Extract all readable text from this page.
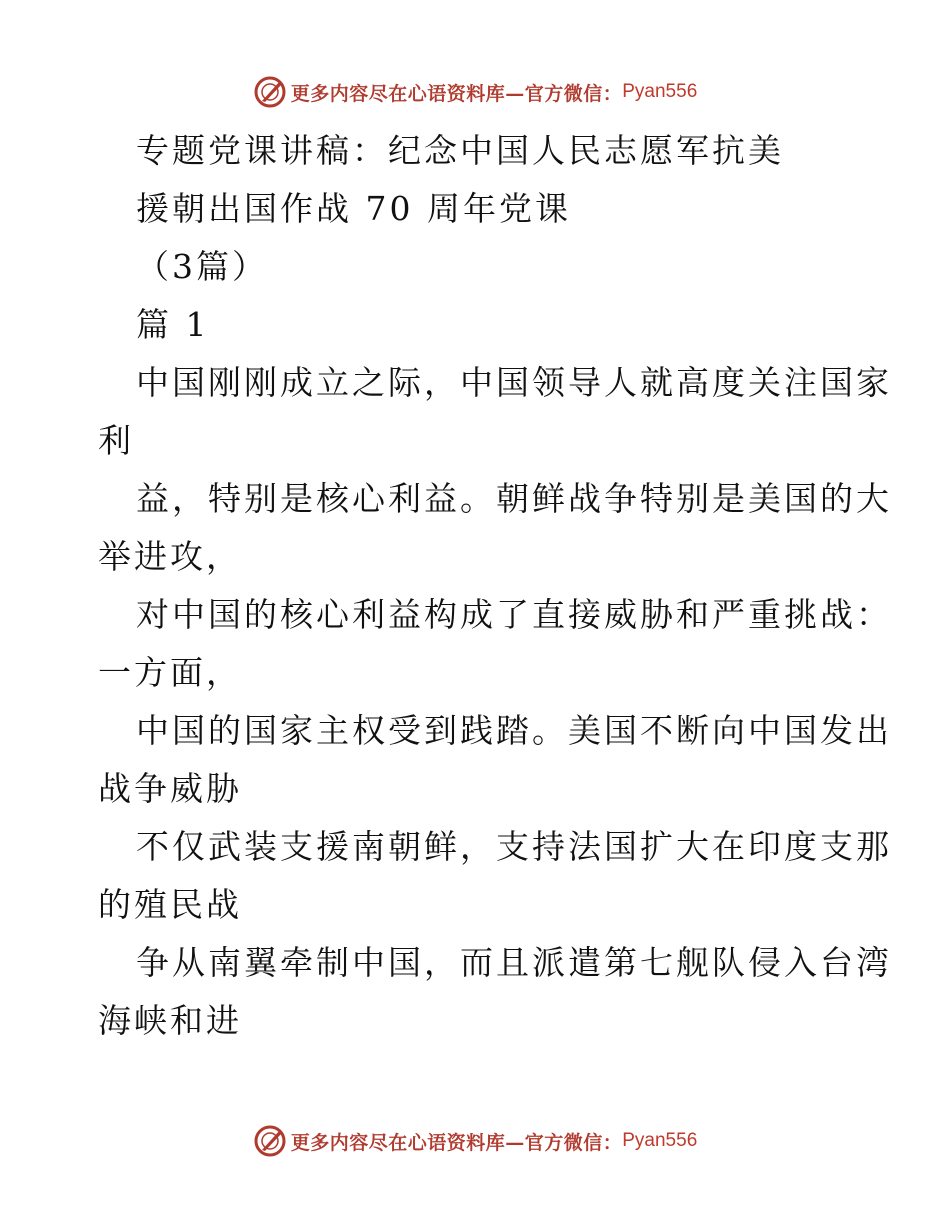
更多内容尽在心语资料库—官方微信： Pyan556
专题党课讲稿：纪念中国人民志愿军抗美
援朝出国作战 70 周年党课
（3篇）
篇 1
中国刚刚成立之际，中国领导人就高度关注国家
利
益，特别是核心利益。朝鲜战争特别是美国的大
举进攻，
对中国的核心利益构成了直接威胁和严重挑战：
一方面，
中国的国家主权受到践踏。美国不断向中国发出
战争威胁
不仅武装支援南朝鲜，支持法国扩大在印度支那
的殖民战
争从南翼牵制中国，而且派遣第七舰队侵入台湾
海峡和进
更多内容尽在心语资料库—官方微信： Pyan556
